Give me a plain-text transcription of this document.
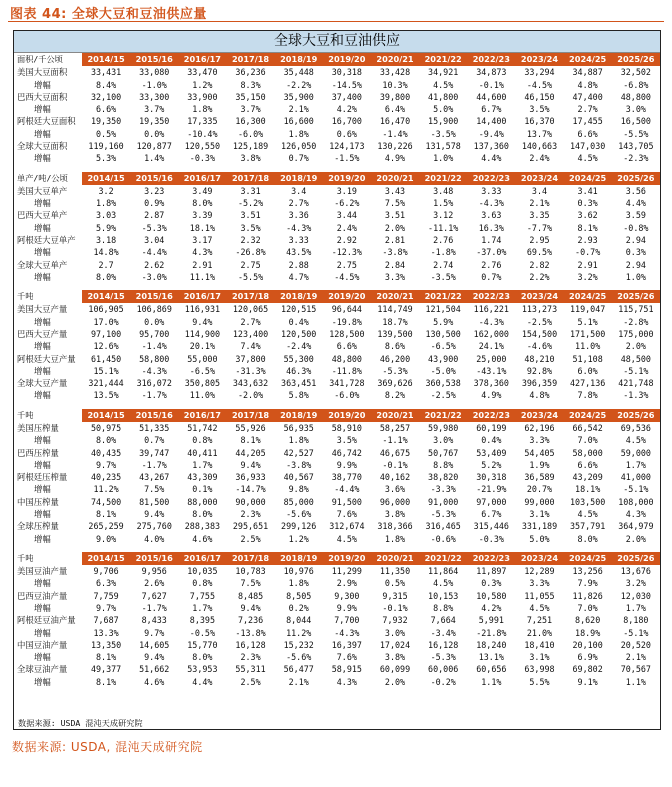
图表 44: 全球大豆和豆油供应量
全球大豆和豆油供应
面积/千公顷	2014/15	2015/16	2016/17	2017/18	2018/19	2019/20	2020/21	2021/22	2022/23	2023/24	2024/25	2025/26
美国大豆面积	33,431	33,080	33,470	36,236	35,448	30,318	33,428	34,921	34,873	33,294	34,887	32,502
增幅	8.4%	-1.0%	1.2%	8.3%	-2.2%	-14.5%	10.3%	4.5%	-0.1%	-4.5%	4.8%	-6.8%
巴西大豆面积	32,100	33,300	33,900	35,150	35,900	37,400	39,800	41,800	44,600	46,150	47,400	48,800
增幅	6.6%	3.7%	1.8%	3.7%	2.1%	4.2%	6.4%	5.0%	6.7%	3.5%	2.7%	3.0%
阿根廷大豆面积	19,350	19,350	17,335	16,300	16,600	16,700	16,470	15,900	14,400	16,370	17,455	16,500
增幅	0.5%	0.0%	-10.4%	-6.0%	1.8%	0.6%	-1.4%	-3.5%	-9.4%	13.7%	6.6%	-5.5%
全球大豆面积	119,160	120,877	120,550	125,189	126,050	124,173	130,226	131,578	137,360	140,663	147,030	143,705
增幅	5.3%	1.4%	-0.3%	3.8%	0.7%	-1.5%	4.9%	1.0%	4.4%	2.4%	4.5%	-2.3%

单产/吨/公顷	2014/15	2015/16	2016/17	2017/18	2018/19	2019/20	2020/21	2021/22	2022/23	2023/24	2024/25	2025/26
美国大豆单产	3.2	3.23	3.49	3.31	3.4	3.19	3.43	3.48	3.33	3.4	3.41	3.56
增幅	1.8%	0.9%	8.0%	-5.2%	2.7%	-6.2%	7.5%	1.5%	-4.3%	2.1%	0.3%	4.4%
巴西大豆单产	3.03	2.87	3.39	3.51	3.36	3.44	3.51	3.12	3.63	3.35	3.62	3.59
增幅	5.9%	-5.3%	18.1%	3.5%	-4.3%	2.4%	2.0%	-11.1%	16.3%	-7.7%	8.1%	-0.8%
阿根廷大豆单产	3.18	3.04	3.17	2.32	3.33	2.92	2.81	2.76	1.74	2.95	2.93	2.94
增幅	14.8%	-4.4%	4.3%	-26.8%	43.5%	-12.3%	-3.8%	-1.8%	-37.0%	69.5%	-0.7%	0.3%
全球大豆单产	2.7	2.62	2.91	2.75	2.88	2.75	2.84	2.74	2.76	2.82	2.91	2.94
增幅	8.0%	-3.0%	11.1%	-5.5%	4.7%	-4.5%	3.3%	-3.5%	0.7%	2.2%	3.2%	1.0%

千吨	2014/15	2015/16	2016/17	2017/18	2018/19	2019/20	2020/21	2021/22	2022/23	2023/24	2024/25	2025/26
美国大豆产量	106,905	106,869	116,931	120,065	120,515	96,644	114,749	121,504	116,221	113,273	119,047	115,751
增幅	17.0%	0.0%	9.4%	2.7%	0.4%	-19.8%	18.7%	5.9%	-4.3%	-2.5%	5.1%	-2.8%
巴西大豆产量	97,100	95,700	114,900	123,400	120,500	128,500	139,500	130,500	162,000	154,500	171,500	175,000
增幅	12.6%	-1.4%	20.1%	7.4%	-2.4%	6.6%	8.6%	-6.5%	24.1%	-4.6%	11.0%	2.0%
阿根廷大豆产量	61,450	58,800	55,000	37,800	55,300	48,800	46,200	43,900	25,000	48,210	51,108	48,500
增幅	15.1%	-4.3%	-6.5%	-31.3%	46.3%	-11.8%	-5.3%	-5.0%	-43.1%	92.8%	6.0%	-5.1%
全球大豆产量	321,444	316,072	350,805	343,632	363,451	341,728	369,626	360,538	378,360	396,359	427,136	421,748
增幅	13.5%	-1.7%	11.0%	-2.0%	5.8%	-6.0%	8.2%	-2.5%	4.9%	4.8%	7.8%	-1.3%

千吨	2014/15	2015/16	2016/17	2017/18	2018/19	2019/20	2020/21	2021/22	2022/23	2023/24	2024/25	2025/26
美国压榨量	50,975	51,335	51,742	55,926	56,935	58,910	58,257	59,980	60,199	62,196	66,542	69,536
增幅	8.0%	0.7%	0.8%	8.1%	1.8%	3.5%	-1.1%	3.0%	0.4%	3.3%	7.0%	4.5%
巴西压榨量	40,435	39,747	40,411	44,205	42,527	46,742	46,675	50,767	53,409	54,405	58,000	59,000
增幅	9.7%	-1.7%	1.7%	9.4%	-3.8%	9.9%	-0.1%	8.8%	5.2%	1.9%	6.6%	1.7%
阿根廷压榨量	40,235	43,267	43,309	36,933	40,567	38,770	40,162	38,820	30,318	36,589	43,209	41,000
增幅	11.2%	7.5%	0.1%	-14.7%	9.8%	-4.4%	3.6%	-3.3%	-21.9%	20.7%	18.1%	-5.1%
中国压榨量	74,500	81,500	88,000	90,000	85,000	91,500	96,000	91,000	97,000	99,000	103,500	108,000
增幅	8.1%	9.4%	8.0%	2.3%	-5.6%	7.6%	3.8%	-5.3%	6.7%	3.1%	4.5%	4.3%
全球压榨量	265,259	275,760	288,383	295,651	299,126	312,674	318,366	316,465	315,446	331,189	357,791	364,979
增幅	9.0%	4.0%	4.6%	2.5%	1.2%	4.5%	1.8%	-0.6%	-0.3%	5.0%	8.0%	2.0%

千吨	2014/15	2015/16	2016/17	2017/18	2018/19	2019/20	2020/21	2021/22	2022/23	2023/24	2024/25	2025/26
美国豆油产量	9,706	9,956	10,035	10,783	10,976	11,299	11,350	11,864	11,897	12,289	13,256	13,676
增幅	6.3%	2.6%	0.8%	7.5%	1.8%	2.9%	0.5%	4.5%	0.3%	3.3%	7.9%	3.2%
巴西豆油产量	7,759	7,627	7,755	8,485	8,505	9,300	9,315	10,153	10,580	11,055	11,826	12,030
增幅	9.7%	-1.7%	1.7%	9.4%	0.2%	9.9%	-0.1%	8.8%	4.2%	4.5%	7.0%	1.7%
阿根廷豆油产量	7,687	8,433	8,395	7,236	8,044	7,700	7,932	7,664	5,991	7,251	8,620	8,180
增幅	13.3%	9.7%	-0.5%	-13.8%	11.2%	-4.3%	3.0%	-3.4%	-21.8%	21.0%	18.9%	-5.1%
中国豆油产量	13,350	14,605	15,770	16,128	15,232	16,397	17,024	16,128	18,240	18,410	20,100	20,520
增幅	8.1%	9.4%	8.0%	2.3%	-5.6%	7.6%	3.8%	-5.3%	13.1%	3.1%	6.9%	2.1%
全球豆油产量	49,377	51,662	53,953	55,311	56,477	58,915	60,099	60,006	60,656	63,998	69,802	70,567
增幅	8.1%	4.6%	4.4%	2.5%	2.1%	4.3%	2.0%	-0.2%	1.1%	5.5%	9.1%	1.1%
数据来源: USDA 混沌天成研究院
数据来源: USDA, 混沌天成研究院
